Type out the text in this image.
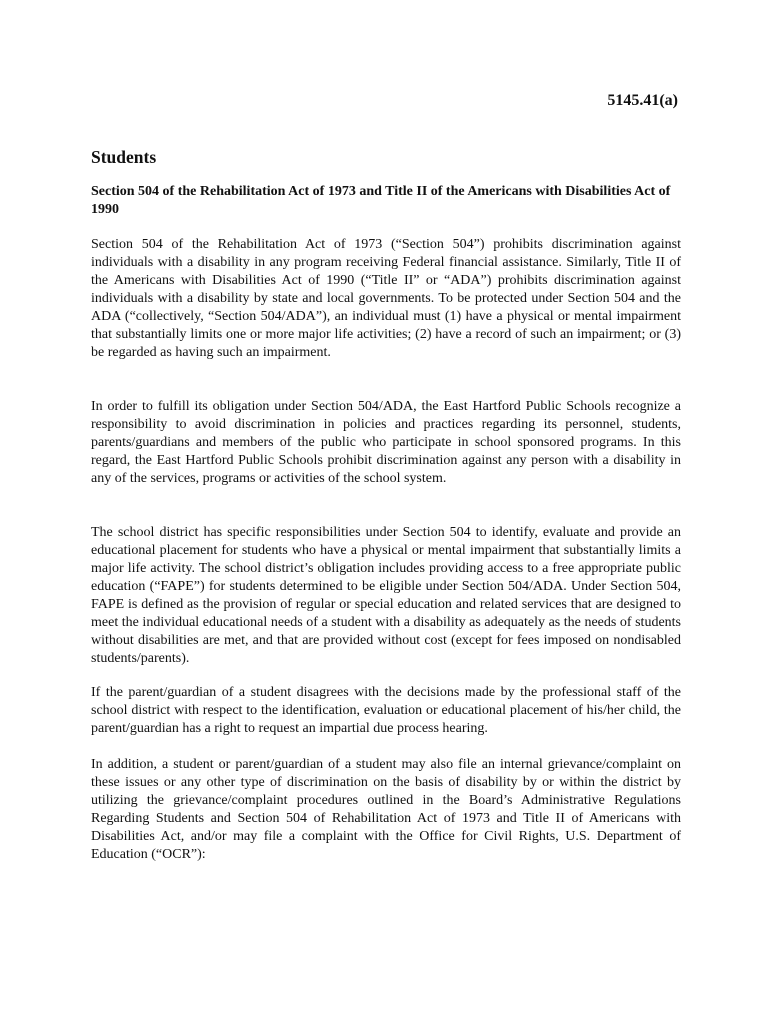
5145.41(a)
Students
Section 504 of the Rehabilitation Act of 1973 and Title II of the Americans with Disabilities Act of 1990

Section 504 of the Rehabilitation Act of 1973 (“Section 504”) prohibits discrimination against individuals with a disability in any program receiving Federal financial assistance. Similarly, Title II of the Americans with Disabilities Act of 1990 (“Title II” or “ADA”) prohibits discrimination against individuals with a disability by state and local governments. To be protected under Section 504 and the ADA (“collectively, “Section 504/ADA”), an individual must (1) have a physical or mental impairment that substantially limits one or more major life activities; (2) have a record of such an impairment; or (3) be regarded as having such an impairment.

In order to fulfill its obligation under Section 504/ADA, the East Hartford Public Schools recognize a responsibility to avoid discrimination in policies and practices regarding its personnel, students, parents/guardians and members of the public who participate in school sponsored programs. In this regard, the East Hartford Public Schools prohibit discrimination against any person with a disability in any of the services, programs or activities of the school system.

The school district has specific responsibilities under Section 504 to identify, evaluate and provide an educational placement for students who have a physical or mental impairment that substantially limits a major life activity. The school district’s obligation includes providing access to a free appropriate public education (“FAPE”) for students determined to be eligible under Section 504/ADA. Under Section 504, FAPE is defined as the provision of regular or special education and related services that are designed to meet the individual educational needs of a student with a disability as adequately as the needs of students without disabilities are met, and that are provided without cost (except for fees imposed on nondisabled students/parents).

If the parent/guardian of a student disagrees with the decisions made by the professional staff of the school district with respect to the identification, evaluation or educational placement of his/her child, the parent/guardian has a right to request an impartial due process hearing.

In addition, a student or parent/guardian of a student may also file an internal grievance/complaint on these issues or any other type of discrimination on the basis of disability by or within the district by utilizing the grievance/complaint procedures outlined in the Board’s Administrative Regulations Regarding Students and Section 504 of Rehabilitation Act of 1973 and Title II of Americans with Disabilities Act, and/or may file a complaint with the Office for Civil Rights, U.S. Department of Education (“OCR”):
